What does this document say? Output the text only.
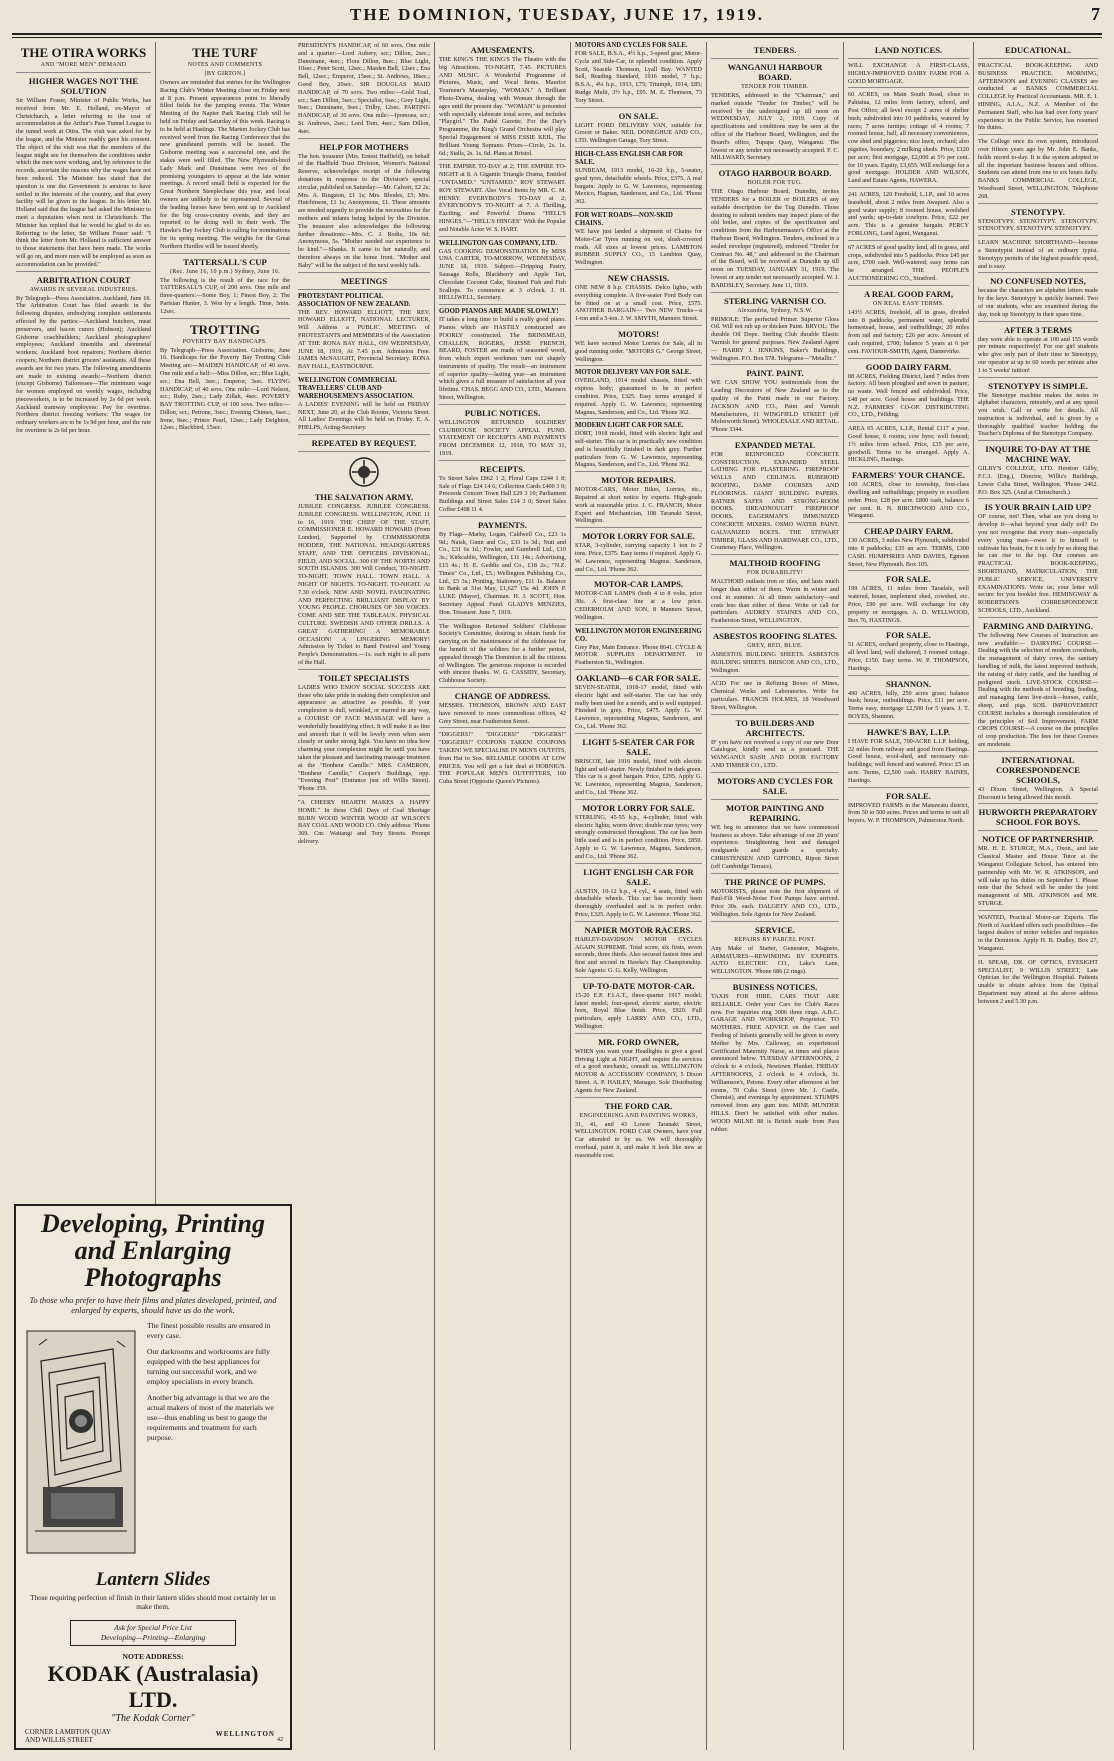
THE DOMINION, TUESDAY, JUNE 17, 1919.	7
THE OTIRA WORKS
AND "MORE MEN" DEMAND
HIGHER WAGES NOT THE SOLUTION

Sir William Fraser, Minister of Public Works, has received from Mr. E. Holland, ex-Mayor of Christchurch, a letter referring to the cost of accommodation at the Arthur's Pass Tunnel League to the tunnel work at Otira. The visit was asked for by the league, and the Minister readily gave his consent. The object of the visit was that the members of the league might see for themselves the conditions under which the men were working, and, by reference to the records, ascertain the reasons why the wages have not been reduced. The Minister has stated that the question is one the Government is anxious to have settled in the interests of the country, and that every facility will be given to the league. In his letter Mr. Holland said that the league had asked the Minister to meet a deputation when next in Christchurch. The Minister has replied that he would be glad to do so. Referring to the letter, Sir William Fraser said: "I think the letter from Mr. Holland is sufficient answer to those statements that have been made. The works will go on, and more men will be employed as soon as accommodation can be provided."

ARBITRATION COURT
AWARDS IN SEVERAL INDUSTRIES.

By Telegraph—Press Association. Auckland, June 16. The Arbitration Court has filed awards in the following disputes, embodying complete settlements effected by the parties:—Auckland butchers, meat preservers, and bacon curers (Hobson); Auckland Gisborne coachbuilders; Auckland photographers' employees; Auckland tinsmiths and sheetmetal workers; Auckland boot repairers; Northern district coopers; Northern district grocers' assistants. All these awards are for two years. The following amendments are made to existing awards:—Northern district (except Gisborne) Tailoresses—The minimum wage for women employed on weekly wages, including pieceworkers, is to be increased by 2s 6d per week. Auckland tramway employees: Pay for overtime. Northern district freezing workers: The wages for ordinary workers are to be 1s 9d per hour, and the rate for overtime is 2s 6d per hour.

THE TURF
NOTES AND COMMENTS
[BY GIRTON.]

Owners are reminded that entries for the Wellington Racing Club's Winter Meeting close on Friday next at 8 p.m. Present appearances point to liberally filled fields for the jumping events. The Winter Meeting of the Napier Park Racing Club will be held on Friday and Saturday of this week. Racing is to be held at Hastings. The Marton Jockey Club has received word from the Racing Conference that the new grandstand permits will be issued. The Gisborne meeting was a successful one, and the stakes were well filled. The New Plymouth-bred Lady Mark and Dunsinane were two of the promising youngsters to appear at the late winter meetings. A record small field is expected for the Great Northern Steeplechase this year, and local owners are unlikely to be represented. Several of the leading horses have been sent up to Auckland for the big cross-country events, and they are reported to be doing well in their work. The Hawke's Bay Jockey Club is calling for nominations for its spring meeting. The weights for the Great Northern Hurdles will be issued shortly.

TATTERSALL'S CUP
(Rec. June 16, 10 p.m.) Sydney, June 16.

The following is the result of the race for the TATTERSALL'S CUP, of 200 sovs. One mile and three-quarters:—Some Boy, 1; Finest Boy, 2; The Parisian Hunter, 3. Won by a length. Time, 3min. 12sec.

TROTTING
POVERTY BAY HANDICAPS.

By Telegraph—Press Association. Gisborne, June 16. Handicaps for the Poverty Bay Trotting Club Meeting are:—MAIDEN HANDICAP, of 40 sovs. One mile and a half:—Miss Dillon, scr.; Blue Light, scr.; Ena Bell, 3sec.; Emperor, 3sec. FLYING HANDICAP, of 40 sovs. One mile:—Lord Nelson, scr.; Ruby, 2sec.; Lady Zillah, 4sec. POVERTY BAY TROTTING CUP, of 100 sovs. Two miles:—Dillon, scr.; Petrone, 3sec.; Evening Chimes, 6sec.; Irene, 9sec.; Prince Pearl, 12sec.; Lady Deighton, 12sec.; Blackbird, 15sec.

Developing, Printing and Enlarging Photographs
To those who prefer to have their films and plates developed, printed, and enlarged by experts, should have us do the work.
The finest possible results are ensured in every case.
Our darkrooms and workrooms are fully equipped with the best appliances for turning out successful work, and we employ specialists in every branch.
Another big advantage is that we are the actual makers of most of the materials we use—thus enabling us best to gauge the requirements and treatment for each purpose.
Lantern Slides
Those requiring perfection of finish in their lantern slides should most certainly let us make them.
Ask for Special Price List
Developing—Printing—Enlarging
NOTE ADDRESS:
KODAK (Australasia) LTD.
"The Kodak Corner"
CORNER LAMBTON QUAY
AND WILLIS STREET
WELLINGTON
42

PRESIDENT'S HANDICAP, of 60 sovs. One mile and a quarter:—Lord Aubery, scr.; Dillon, 2sec.; Dunsinane, 4sec.; Flora Dillon, 8sec.; Blue Light, 10sec.; Peter Scott, 12sec.; Maiden Bell, 12sec.; Ena Bell, 12sec.; Emperor, 15sec.; St. Andrews, 18sec.; Good Boy, 20sec. SIR DOUGLAS MAID HANDICAP, of 70 sovs. Two miles:—Gold Trail, scr.; Sam Dillon, 3sec.; Specialist, 6sec.; Grey Light, 9sec.; Dunsinane, 9sec.; Trilby, 12sec. PARTING HANDICAP, of 30 sovs. One mile:—Ipomoea, scr.; St. Andrews, 2sec.; Lord Tom, 4sec.; Sam Dillon, 4sec.

HELP FOR MOTHERS

The hon. treasurer (Mrs. Ernest Hadfield), on behalf of the Hadfield Trust Division, Women's National Reserve, acknowledges receipt of the following donations in response to the Division's special circular, published on Saturday:—Mr. Calvert, £2 2s; Mrs. A. Ringston, £1 1s; Mrs. Rhodes, £5; Mrs. Hutchinson, £1 1s; Anonymous, £1. These amounts are needed urgently to provide the necessities for the mothers and infants being helped by the Division. The treasurer also acknowledges the following further donations:—Mrs. C. J. Rodie, 10s 6d; Anonymous, 5s. "Mother needed our experience to be kind."—Shanks. It came to her naturally, and therefore always on the home front. "Mother and Baby" will be the subject of the next weekly talk.

MEETINGS
PROTESTANT POLITICAL ASSOCIATION OF NEW ZEALAND.

THE REV. HOWARD ELLIOTT, THE REV. HOWARD ELLIOTT, NATIONAL LECTURER, Will Address a PUBLIC MEETING of PROTESTANTS and MEMBERS of the Association AT THE RONA BAY HALL, ON WEDNESDAY, JUNE 18, 1919, At 7.45 p.m. Admission Free. JAMES McNAUGHT, Provincial Secretary. RONA BAY HALL, EASTBOURNE.

WELLINGTON COMMERCIAL TRAVELLERS' CLUB AND WAREHOUSEMEN'S ASSOCIATION.

A LADIES' EVENING will be held on FRIDAY NEXT, June 20, at the Club Rooms, Victoria Street. All Ladies' Evenings will be held on Friday. E. A. PHELPS, Acting-Secretary.

REPEATED BY REQUEST.
THE SALVATION ARMY.

JUBILEE CONGRESS. JUBILEE CONGRESS. JUBILEE CONGRESS. WELLINGTON, JUNE 11 to 16, 1919. THE CHIEF OF THE STAFF, COMMISSIONER E. HOWARD HOWARD (From London), Supported by COMMISSIONER HODDER, THE NATIONAL HEADQUARTERS STAFF, AND THE OFFICERS DIVISIONAL, FIELD, AND SOCIAL. 300 OF THE NORTH AND SOUTH ISLANDS. 300 Will Conduct, TO-NIGHT. TO-NIGHT. TOWN HALL. TOWN HALL. A NIGHT OF NIGHTS. TO-NIGHT. TO-NIGHT. At 7.30 o'clock. NEW AND NOVEL FASCINATING AND PERFECTING BRILLIANT DISPLAY BY YOUNG PEOPLE. CHORUSES OF 500 VOICES. COME AND SEE THE TABLEAUX. PHYSICAL CULTURE. SWEDISH AND OTHER DRILLS. A GREAT GATHERING! A MEMORABLE OCCASION! A LINGERING MEMORY! Admission by Ticket to Band Festival and Young People's Demonstration.—1s. each night to all parts of the Hall.

TOILET SPECIALISTS

LADIES WHO ENJOY SOCIAL SUCCESS ARE those who take pride in making their complexion and appearance as attractive as possible. If your complexion is dull, wrinkled, or marred in any way, a COURSE OF FACE MASSAGE will have a wonderfully beautifying effect. It will make it as fine and smooth that it will be lovely even when seen closely or under strong light. You have no idea how charming your complexion might be until you have taken the pleasant and fascinating massage treatment at the "Bonheur Camille." MRS. CAMERON, "Bonheur Camille," Cooper's Buildings, opp. "Evening Post" (Entrance just off Willis Street). 'Phone 359.

"A CHEERY HEARTH MAKES A HAPPY HOME." In these Chill Days of Coal Shortage BURN WOOD WINTER WOOD AT WILSON'S BAY COAL AND WOOD CO. Only address: 'Phone 369. Cnr. Waitangi and Tory Streets. Prompt delivery.

AMUSEMENTS.

THE KING'S THE KING'S The Theatre with the big Attractions. TO-NIGHT, 7.45. PICTURES AND MUSIC. A Wonderful Programme of Pictures, Music, and Vocal Items. Maurice Tourneur's Masterplay, "WOMAN." A Brilliant Photo-Drama, dealing with Woman through the ages until the present day. "WOMAN" is presented with especially elaborate tonal score, and includes "Playgirl." The Pathé Gazette. For the Day's Programme, the King's Grand Orchestra will play Special Engagement of MISS ESSIE KEIL, The Brilliant Young Soprano. Prices—Circle, 2s. 1s. 6d.; Stalls, 2s. 1s. 6d. Plans at Bristol.

THE EMPIRE TO-DAY at 2; THE EMPIRE TO-NIGHT at 8. A Gigantic Triangle Drama, Entitled "UNTAMED." "UNTAMED." ROY STEWART. ROY STEWART. Also Vocal Items by MR. C. M. HENRY. EVERYBODY'S TO-DAY at 2; EVERYBODY'S TO-NIGHT at 7. A Thrilling, Exciting, and Powerful Drama "HELL'S HINGES."—"HELL'S HINGES" With the Popular and Notable Actor W. S. HART.

WELLINGTON GAS COMPANY, LTD.

GAS COOKING DEMONSTRATION By MISS UNA CARTER, TO-MORROW, WEDNESDAY, JUNE 18, 1919. Subject:—Dripping Pastry, Sausage Rolls, Blackberry and Apple Tart, Chocolate Coconut Cake, Steamed Fish and Fish Scallops. To commence at 3 o'clock. J. H. HELLIWELL, Secretary.

GOOD PIANOS ARE MADE SLOWLY!

IT takes a long time to build a really good piano. Pianos which are HASTILY constructed are POORLY constructed. The BRINSMEAD, CHALLEN, ROGERS, JESSE FRENCH, BEARD, FOSTER are made of seasoned wood, from which expert workmen turn out shapely instruments of quality. The result—an instrument of superior quality—lasting year—an instrument which gives a full measure of satisfaction all your lifetime. CHAS. BEGG AND CO., LTD., Manners Street, Wellington.

PUBLIC NOTICES.

WELLINGTON RETURNED SOLDIERS' CLUBHOUSE SOCIETY APPEAL FUND. STATEMENT OF RECEIPTS AND PAYMENTS FROM DECEMBER 12, 1918, TO MAY 31, 1919.

RECEIPTS.

To Street Sales £862 1 2; Floral Caps £244 1 8; Sale of Flags £24 14 6; Collection Cards £400 3 0; Proceeds Concert Town Hall £29 3 10; Parliament Buildings and Street Sales £14 3 0; Street Sales Coffee £408 11 4.

PAYMENTS.

By Flags—Marky, Logan, Caldwell Co., £23 1s 9d.; Naish, Gunn and Co., £33 1s 3d.; Nutt and Co., £31 6s 1d.; Fowler, and Gumbrell Ltd., £10 3s.; Kirkcaldie, Wellington, £11 14s.; Advertising, £15 4s.; H. E. Geddis and Co., £18 2s.; "N.Z. Times" Co., Ltd., £5.; Wellington Publishing Co., Ltd., £5 3s.; Printing, Stationery, £11 1s. Balance in Bank at 31st May, £1,627 15s 4d. JOHN P. LUKE (Mayor), Chairman. H. J. SCOTT, Hon. Secretary Appeal Fund. GLADYS MENZIES, Hon. Treasurer. June 7, 1919.

The Wellington Returned Soldiers' Clubhouse Society's Committee, desiring to obtain funds for carrying on the maintenance of the clubhouse for the benefit of the soldiers for a further period, appealed through The Dominion to all the citizens of Wellington. The generous response is recorded with sincere thanks. W. G. CASSIDY, Secretary, Clubhouse Society.

CHANGE OF ADDRESS.

MESSRS. THOMSON, BROWN AND EAST have removed to more commodious offices, 42 Grey Street, near Featherston Street.

"DIGGERS!" "DIGGERS!" "DIGGERS!" "DIGGERS!" COUPONS TAKEN! COUPONS TAKEN! WE SPECIALISE IN MEN'S OUTFITS, from Hat to Sox. RELIABLE GOODS AT LOW PRICES. You will get a fair deal at HORNIG'S. THE POPULAR MEN'S OUTFITTERS, 160 Cuba Street (Opposite Queen's Pictures).

MOTORS AND CYCLES FOR SALE.

FOR SALE, B.S.A., 4½ h.p., 3-speed gear, Motor-Cycle and Side-Car, in splendid condition. Apply Scott, Seaside Thomson, Lyall Bay. WANTED Sell, Reading Standard, 1916 model, 7 h.p.; B.S.A., 4¼ h.p., 1913, £75; Triumph, 1914, £85; Rudge Multi, 3½ h.p., £95. M. E. Thomson, 73 Tory Street.

ON SALE.

LIGHT FORD DELIVERY VAN, suitable for Grocer or Baker. NEIL DONEGHUE AND CO., LTD. Wellington Garage, Tory Street.

HIGH-CLASS ENGLISH CAR FOR SALE.

SUNBEAM, 1913 model, 16-20 h.p., 5-seater, good tyres, detachable wheels. Price, £375. A real bargain. Apply to G. W. Lawrence, representing Mexico, Hagnan, Sanderson, and Co., Ltd. 'Phone 362.

FOR WET ROADS—NON-SKID CHAINS.

WE have just landed a shipment of Chains for Motor-Car Tyres running on wet, slush-covered roads. All sizes at lowest prices. LAMBTON RUBBER SUPPLY CO., 15 Lambton Quay, Wellington.

NEW CHASSIS.

ONE NEW 8 h.p. CHASSIS. Delco lights, with everything complete. A five-seater Ford Body can be fitted on at a small cost. Price, £575. ANOTHER BARGAIN— Two NEW Trucks—a 1-ton and a 5-ton. J. W. SMYTH, Manners Street.

MOTORS!

WE have secured Motor Lorries for Sale, all in good running order. "MOTORS G." George Street, Wellington.

MOTOR DELIVERY VAN FOR SALE.

OVERLAND, 1914 model chassis, fitted with express body; guaranteed to be in perfect condition. Price, £325. Easy terms arranged if required. Apply G. W. Lawrence, representing Magnus, Sanderson, and Co., Ltd. 'Phone 362.

MODERN LIGHT CAR FOR SALE.

DORT, 1918 model, fitted with electric light and self-starter. This car is in practically new condition and is beautifully finished in dark grey. Further particulars from G. W. Lawrence, representing Magnus, Sanderson, and Co., Ltd. 'Phone 362.

MOTOR REPAIRS.

MOTOR-CARS, Motor Bikes, Lorries, etc., Repaired at short notice by experts. High-grade work at reasonable price. J. C. FRANCIS, Motor Expert and Mechanician, 108 Taranaki Street, Wellington.

MOTOR LORRY FOR SALE.

STAR, 3-cylinder, carrying capacity 1 ton to 2 tons. Price, £375. Easy terms if required. Apply G. W. Lawrence, representing Magnus, Sanderson, and Co., Ltd. 'Phone 362.

MOTOR-CAR LAMPS.

MOTOR-CAR LAMPS (both 4 to 8 volts, price 30s. A first-class line at a low price. CEDERHOLM AND SON, 8 Manners Street, Wellington.

WELLINGTON MOTOR ENGINEERING CO.

Grey Pier, Main Entrance. 'Phone 8641. CYCLE & MOTOR SUPPLIES DEPARTMENT. 10 Featherston St., Wellington.

OAKLAND—6 CAR FOR SALE.

SEVEN-SEATER, 1918-17 model, fitted with electric light and self-starter. The car has only really been used for a month, and is well equipped. Finished in grey. Price, £475. Apply G. W. Lawrence, representing Magnus, Sanderson, and Co., Ltd. 'Phone 362.

LIGHT 5-SEATER CAR FOR SALE.

BRISCOE, late 1916 model, fitted with electric light and self-starter. Newly finished in dark green. This car is a good bargain. Price, £295. Apply G. W. Lawrence, representing Magnus, Sanderson, and Co., Ltd. 'Phone 362.

MOTOR LORRY FOR SALE.

STERLING, 45-55 h.p., 4-cylinder, fitted with electric lights; worm drive; double rear tyres; very strongly constructed throughout. The car has been little used and is in perfect condition. Price, £850. Apply to G. W. Lawrence, Magnus, Sanderson, and Co., Ltd. 'Phone 362.

LIGHT ENGLISH CAR FOR SALE.

AUSTIN, 10-12 h.p., 4 cyl., 4 seats, fitted with detachable wheels. This car has recently been thoroughly overhauled and is in perfect order. Price, £325. Apply to G. W. Lawrence. 'Phone 362.

NAPIER MOTOR RACERS.

HARLEY-DAVIDSON MOTOR CYCLES AGAIN SUPREME. Total score, six firsts, seven seconds, three thirds. Also secured fastest time and first and second in Hawke's Bay Championship. Sole Agents: G. G. Kelly, Wellington.

UP-TO-DATE MOTOR-CAR.

15-20 E.P. F.I.A.T., three-quarter 1917 model; latest model; four-speed, electric starter, electric horn, Royal Blue finish. Price, £920. Full particulars, apply LARRY AND CO., LTD., Wellington.

MR. FORD OWNER,

WHEN you want your Headlights to give a good Driving Light at NIGHT, and require the services of a good mechanic, consult us. WELLINGTON MOTOR & ACCESSORY COMPANY, 5 Dixon Street. A. P. HAILEY, Manager. Sole Distributing Agents for New Zealand.

THE FORD CAR.
ENGINEERING AND PAINTING WORKS,

31, 41, and 43 Lower Taranaki Street, WELLINGTON. FORD CAR Owners, have your Car attended to by us. We will thoroughly overhaul, paint it, and make it look like new at reasonable cost.

TENDERS.
WANGANUI HARBOUR BOARD.
TENDER FOR TIMBER.

TENDERS, addressed to the "Chairman," and marked outside "Tender for Timber," will be received by the undersigned up till noon on WEDNESDAY, JULY 2, 1919. Copy of specifications and conditions may be seen at the office of the Harbour Board, Wellington, and the Board's office, Tupapa Quay, Wanganui. The lowest or any tender not necessarily accepted. F. C. MILLWARD, Secretary.

OTAGO HARBOUR BOARD.
BOILER FOR TUG.

THE Otago Harbour Board, Dunedin, invites TENDERS for a BOILER or BOILERS of any suitable description for the Tug Dunedin. Those desiring to submit tenders may inspect plans of the old boiler, and copies of the specification and conditions from the Harbourmaster's Office at the Harbour Board, Wellington. Tenders, enclosed in a sealed envelope (registered), endorsed "Tender for Contract No. 48," and addressed to the Chairman of the Board, will be received at Dunedin up till noon on TUESDAY, JANUARY 31, 1919. The lowest or any tender not necessarily accepted. W. J. BARDSLEY, Secretary. June 11, 1919.

STERLING VARNISH CO.
Alexandria, Sydney, N.S.W.

PRIMOLE: The perfected Primer. Superior Gloss Oil. Will not rub up or thicken Paint. BRYOL: The durable Oil Dope. Sterling Club durable Elastic Varnish for general purposes. New Zealand Agent— HARRY J. JENKINS, Baker's Buildings, Wellington. P.O. Box 578. Telegrams—"Metallic."

PAINT. PAINT.

WE CAN SHOW YOU testimonials from the Leading Decorators of New Zealand as to the quality of the Paint made in our Factory. JACKSON AND CO., Paint and Varnish Manufacturers, 11 WINGFIELD STREET (off Molesworth Street). WHOLESALE AND RETAIL. 'Phone 3344.

EXPANDED METAL

FOR REINFORCED CONCRETE CONSTRUCTION. EXPANDED STEEL LATHING FOR PLASTERING. FIREPROOF WALLS AND CEILINGS. RUBEROID ROOFING, DAMP COURSES AND FLOORINGS. GIANT BUILDING PAPERS. RATNER SAFES AND STRONG-ROOM DOORS. DREADNOUGHT FIREPROOF DOORS. EAGERMAN'S IMMUNIZED CONCRETE MIXERS. OSMO WATER PAINT. GALVANIZED BOLTS. THE STEWART TIMBER, GLASS AND HARDWARE CO., LTD., Courtenay Place, Wellington.

MALTHOID ROOFING
FOR DURABILITY!

MALTHOID outlasts iron or tiles, and lasts much longer than either of them. Warm in winter and cool in summer. At all times satisfactory—and costs less than either of these. Write or call for particulars. AUDREY STAINES AND CO., Featherston Street, WELLINGTON.

ASBESTOS ROOFING SLATES.
GREY, RED, BLUE.

ASBESTOS BUILDING SHEETS. ASBESTOS BUILDING SHEETS. BRISCOE AND CO., LTD., Wellington.

ACID For use in Refining Boxes of Mines, Chemical Works and Laboratories. Write for particulars. FRANCIS HOLMES, 18 Woodward Street, Wellington.

TO BUILDERS AND ARCHITECTS.

IF you have not received a copy of our new Door Catalogue, kindly send us a postcard. THE WANGANUI SASH AND DOOR FACTORY AND TIMBER CO., LTD.

MOTORS AND CYCLES FOR SALE.
MOTOR PAINTING AND REPAIRING.

WE beg to announce that we have commenced business as above. Take advantage of our 20 years' experience. Straightening bent and damaged mudguards and guards a specialty. CHRISTENSEN AND GIFFORD, Ripon Street (off Cambridge Terrace).

THE PRINCE OF PUMPS.

MOTORISTS, please note the first shipment of Paul-Filt Wood-Noise Foot Pumps have arrived. Price 30s. each. DALGETY AND CO., LTD., Wellington. Sole Agents for New Zealand.

SERVICE.
REPAIRS BY PARCEL POST.

Any Make of Starter, Generator, Magneto, ARMATURES—REWINDING BY EXPERTS. AUTO ELECTRIC CO., Lake's Lane, WELLINGTON. 'Phone 686 (2 rings).

BUSINESS NOTICES.

TAXIS FOR HIRE. CARS THAT ARE RELIABLE. Order your Cars for Club's Races now. For inquiries ring 3006 three rings. A.B.C. GARAGE AND WORKSHOP, Proprietor. TO MOTHERS. FREE ADVICE on the Care and Feeding of Infants generally will be given to every Mother by Mrs. Calloway, an experienced Certificated Maternity Nurse, at times and places announced below. TUESDAY AFTERNOONS, 2 o'clock to 4 o'clock, Newtown Plunket. FRIDAY AFTERNOONS, 2 o'clock to 4 o'clock, St. Williamson's, Petone. Every other afternoon at her rooms, 70 Cuba Street (over Mr. J. Castle, Chemist), and evenings by appointment. STUMPS removed from any gum tree. MINE MUNDER HILLS. Don't be satisfied with other makes. WOOD MILNE 88 is British made from Para rubber.

LAND NOTICES.

WILL EXCHANGE A FIRST-CLASS, HIGHLY-IMPROVED DAIRY FARM FOR A GOOD MORTGAGE.

60 ACRES, on Main South Road, close to Pahiatua, 12 miles from factory, school, and Post Office; all level except 2 acres of shelter bush; subdivided into 10 paddocks, watered by races; 7 acres turnips; cottage of 4 rooms; 7 roomed house, hall, all necessary conveniences, cow shed and piggeries; nice lawn, orchard; also pigsties, boundary, 2 milking sheds. Price, £120 per acre; first mortgage, £2,000 at 5½ per cent. for 10 years. Equity, £3,655. Will exchange for a good mortgage. HOLDER AND WILSON, Land and Estate Agents, HAWERA.

241 ACRES, 120 Freehold, L.I.P., and 10 acres leasehold, about 2 miles from Awapuni. Also a good water supply; 8 roomed house, woolshed and yards; up-to-date cowbyre. Price, £22 per acre. This is a genuine bargain. PERCY FORLONG, Land Agent, Wanganui.

67 ACRES of good quality land, all in grass, and crops, subdivided into 5 paddocks. Price £45 per acre, £700 cash. Well-watered; easy terms can be arranged. THE PEOPLE'S AUCTIONEERING CO., Stratford.

A REAL GOOD FARM,
ON REAL EASY TERMS.

143½ ACRES, freehold, all in grass, divided into 8 paddocks, permanent water, splendid homestead, house, and outbuildings; 20 miles from rail and factory; £26 per acre. Amount of cash required, £700; balance 5 years at 6 per cent. FAVIOUR-SMITH, Agent, Dannevirke.

GOOD DAIRY FARM.

88 ACRES, Fielding District, land 7 miles from factory. All been ploughed and sown in pasture; no waste. Well fenced and subdivided. Price, £48 per acre. Good house and buildings. THE N.Z. FARMERS' CO-OP. DISTRIBUTING CO., LTD., Feilding.

AREA 65 ACRES, L.I.P., Rental £117 a year. Good house, 6 rooms; cow byre; well fenced; 1½ miles from school. Price, £35 per acre, goodwill. Terms to be arranged. Apply A. HICKLING, Hastings.

FARMERS' YOUR CHANCE.

160 ACRES, close to township, first-class dwelling and outbuildings; property in excellent order. Price, £28 per acre. £800 cash, balance 6 per cent. R. N. BIRCHWOOD AND CO., Wanganui.

CHEAP DAIRY FARM.

130 ACRES, 3 miles New Plymouth, subdivided into 8 paddocks; £35 an acre. TERMS, £300 CASH. HUMPHRIES AND DAVIES, Egmont Street, New Plymouth. Box 105.

FOR SALE.

199 ACRES, 11 miles from Taradale, well watered, house, implement shed, cowshed, etc. Price, £90 per acre. Will exchange for city property or mortgages. A. D. WELLWOOD, Box 76, HASTINGS.

FOR SALE.

51 ACRES, orchard property, close to Hastings, all level land, well sheltered; 3 roomed cottage. Price, £150. Easy terms. W. P. THOMPSON, Hastings.

SHANNON.

490 ACRES, hilly, 250 acres grass; balance bush; house, outbuildings. Price, £11 per acre. Terms easy, mortgage £2,500 for 5 years. J. T. BOYES, Shannon.

HAWKE'S BAY, L.I.P.

I HAVE FOR SALE, 700-ACRE L.I.P. holding, 22 miles from railway and good from Hastings. Good house, wool-shed, and necessary out-buildings; well fenced and watered. Price: £5 an acre. Terms, £2,500 cash. HARRY BAINES, Hastings.

FOR SALE.

IMPROVED FARMS in the Manawatu district, from 50 to 500 acres. Prices and terms to suit all buyers. W. P. THOMPSON, Palmerston North.

EDUCATIONAL.

PRACTICAL BOOK-KEEPING AND BUSINESS PRACTICE. MORNING, AFTERNOON and EVENING CLASSES are conducted at BANKS COMMERCIAL COLLEGE by Practical Accountants. MR. E. I. HINING, A.I.A., N.Z. A Member of the Permanent Staff, who has had over forty years' experience in the Public Service, has resumed his duties.

The College once its own system, introduced over fifteen years ago by Mr. John E. Banks, holds record to-day. It is the system adopted in all the important business houses and offices. Students can attend from one to six hours daily. BANKS COMMERCIAL COLLEGE, Woodward Street, WELLINGTON. Telephone 268.

STENOTYPY.

STENOTYPY. STENOTYPY. STENOTYPY. STENOTYPY. STENOTYPY. STENOTYPY.

LEARN MACHINE SHORTHAND—become a Stenotypist instead of an ordinary typist. Stenotypy permits of the highest possible speed, and is easy.

NO CONFUSED NOTES,

because the characters are alphabet letters made by the keys. Stenotypy is quickly learned. Two of our students, who are examined during the day, took up Stenotypy in their spare time.

AFTER 3 TERMS

they were able to operate at 100 and 155 words per minute respectively! For our girl students who give only part of their time to Stenotypy, our operator at up to 60 words per minute after 1 to 5 weeks' tuition!

STENOTYPY IS SIMPLE.

The Stenotype machine makes the notes in alphabet characters, minutely, and at any speed you wish. Call or write for details. All instruction is individual, and is given by a thoroughly qualified teacher holding the Teacher's Diploma of the Stenotype Company.

INQUIRE TO-DAY AT THE MACHINE WAY.

GILBY'S COLLEGE, LTD. Hereton Gilby, F.C.I. (Eng.), Director, Willis's Buildings, Lower Cuba Street, Wellington. 'Phone 2462. P.O. Box 325. (And at Christchurch.)

IS YOUR BRAIN LAID UP?

OF course, not! Then, what are you doing to develop it—what beyond your daily toil? Do you not recognise that every man—especially every young man—owes it to himself to cultivate his brain, for it is only by so doing that he can rise to the top. Our courses are PRACTICAL BOOK-KEEPING, SHORTHAND, MATRICULATION, THE PUBLIC SERVICE, UNIVERSITY EXAMINATIONS. Write us; your letter will secure for you booklet free. HEMINGWAY & ROBERTSON'S CORRESPONDENCE SCHOOLS, LTD., Auckland.

FARMING AND DAIRYING.

The following New Courses of Instruction are now available:— DAIRYING COURSE—Dealing with the selection of modern cowsheds, the management of dairy cows, the sanitary handling of milk, the latest improved methods, the raising of dairy cattle, and the handling of pedigreed stock. LIVE-STOCK COURSE—Dealing with the methods of breeding, feeding, and managing farm live-stock—horses, cattle, sheep, and pigs. SOIL IMPROVEMENT COURSE includes a thorough consideration of the principles of Soil Improvement. FARM CROPS COURSE—A course on the principles of crop production. The fees for these Courses are moderate.

INTERNATIONAL CORRESPONDENCE SCHOOLS,

43 Dixon Street, Wellington. A Special Discount is being allowed this month.

HURWORTH PREPARATORY SCHOOL FOR BOYS.
NOTICE OF PARTNERSHIP.

MR. H. E. STURGE, M.A., Oxon., and late Classical Master and House Tutor at the Wanganui Collegiate School, has entered into partnership with Mr. W. R. ATKINSON, and will take up his duties on September 1. Please note that the School will be under the joint management of MR. ATKINSON and MR. STURGE.

WANTED, Practical Motor-car Experts. The North of Auckland offers such possibilities—the largest dealers of motor vehicles and requisites in the Dominion. Apply H. B. Dudley, Box 27, Wanganui.

H. SPEAR, DR. OF OPTICS, EYESIGHT SPECIALIST, 9 WILLIS STREET, Late Optician for the Wellington Hospital. Patients unable to obtain advice from the Optical Department may attend at the above address between 2 and 5.30 p.m.
